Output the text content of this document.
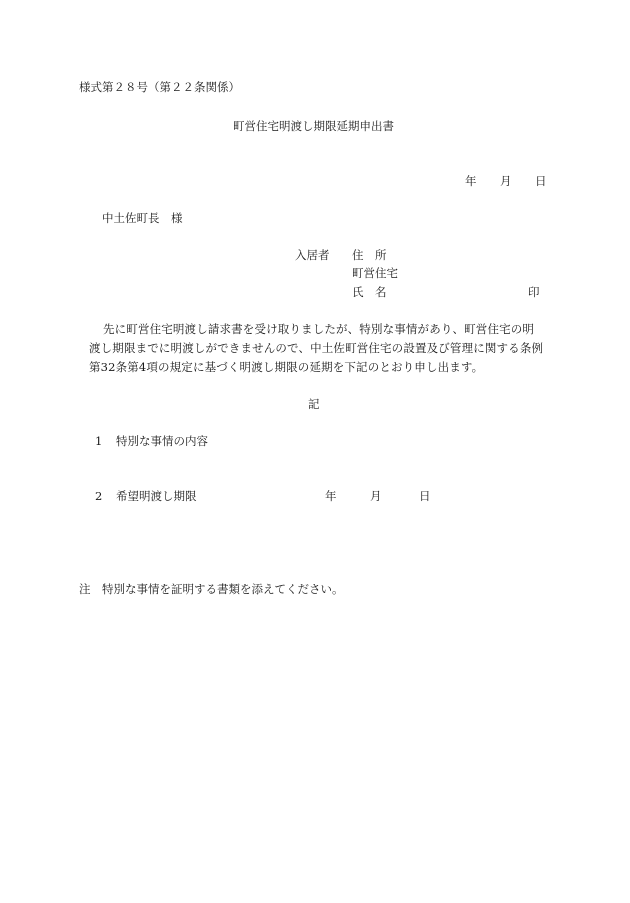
様式第２８号（第２２条関係）
町営住宅明渡し期限延期申出書
年 月 日
中土佐町長　様
入居者 住　所
町営住宅
氏　名	印
先に町営住宅明渡し請求書を受け取りましたが、特別な事情があり、町営住宅の明
渡し期限までに明渡しができませんので、中土佐町営住宅の設置及び管理に関する条例
第32条第4項の規定に基づく明渡し期限の延期を下記のとおり申し出ます。
記
1 特別な事情の内容
2 希望明渡し期限	年	月	日
注　特別な事情を証明する書類を添えてください。
